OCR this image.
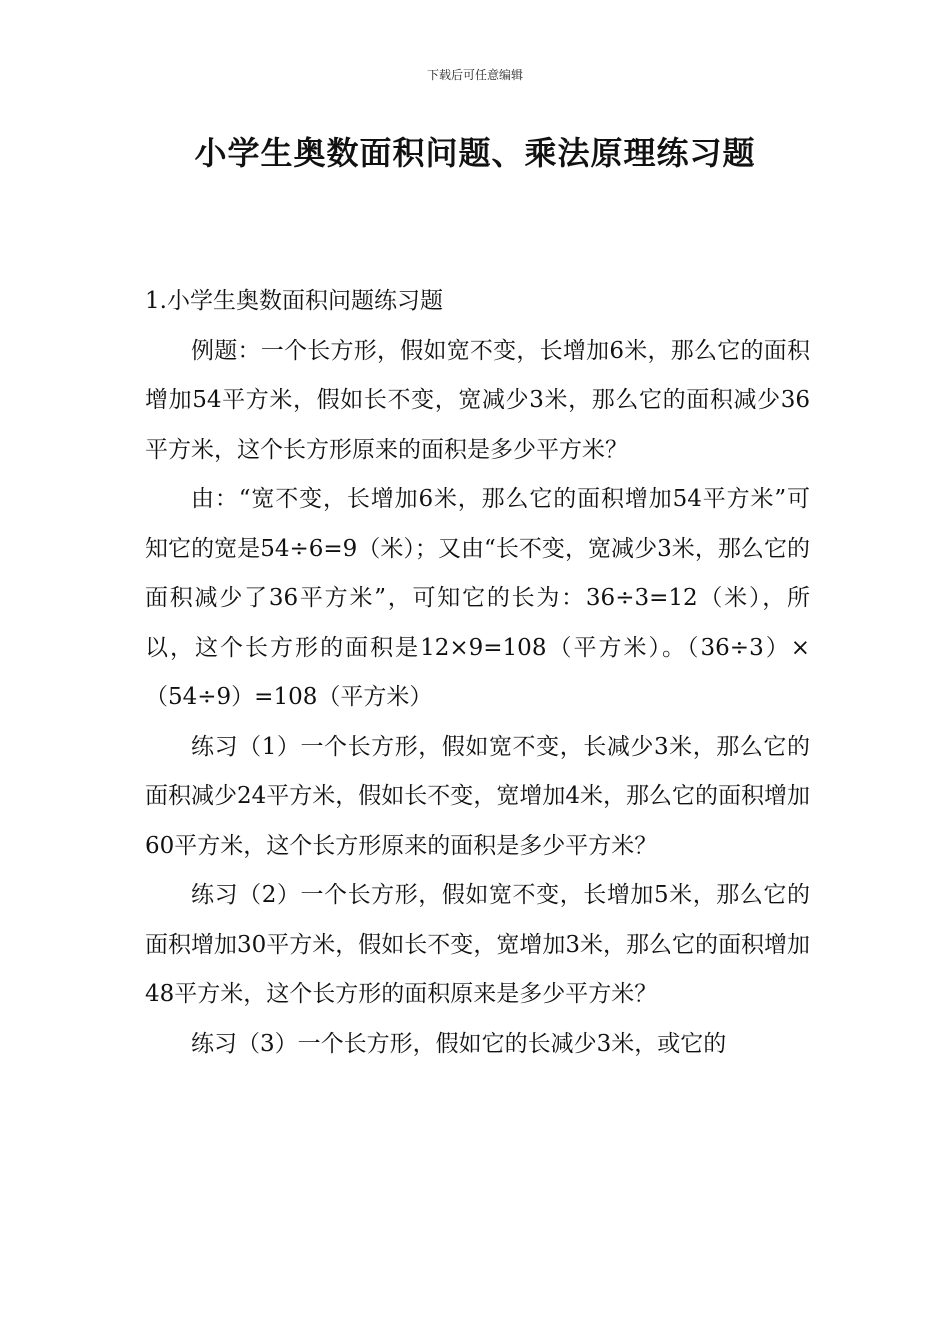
下载后可任意编辑
小学生奥数面积问题、乘法原理练习题

1.小学生奥数面积问题练习题

例题：一个长方形，假如宽不变，长增加6米，那么它的面积增加54平方米，假如长不变，宽减少3米，那么它的面积减少36平方米，这个长方形原来的面积是多少平方米？

由：“宽不变，长增加6米，那么它的面积增加54平方米”可知它的宽是54÷6=9（米）；又由“长不变，宽减少3米，那么它的面积减少了36平方米”，可知它的长为：36÷3=12（米），所以，这个长方形的面积是12×9=108（平方米）。（36÷3）×（54÷9）=108（平方米）

练习（1）一个长方形，假如宽不变，长减少3米，那么它的面积减少24平方米，假如长不变，宽增加4米，那么它的面积增加60平方米，这个长方形原来的面积是多少平方米？

练习（2）一个长方形，假如宽不变，长增加5米，那么它的面积增加30平方米，假如长不变，宽增加3米，那么它的面积增加48平方米，这个长方形的面积原来是多少平方米？

练习（3）一个长方形，假如它的长减少3米，或它的
